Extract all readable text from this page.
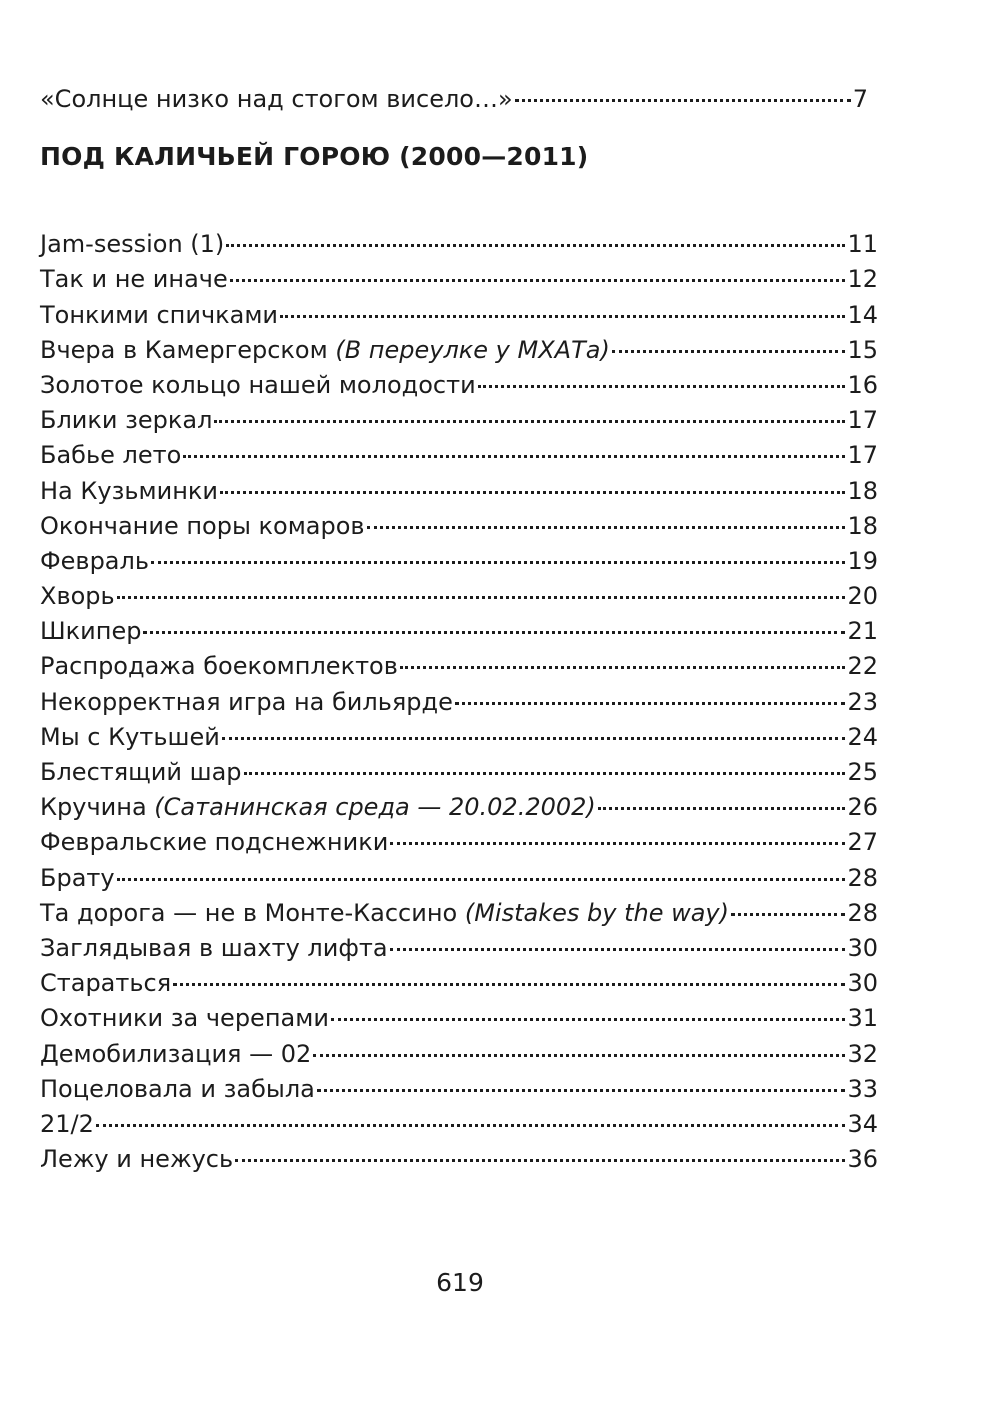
«Солнце низко над стогом висело…»	7
ПОД КАЛИЧЬЕЙ ГОРОЮ (2000—2011)
Jam-session (1)	11
Так и не иначе	12
Тонкими спичками	14
Вчера в Камергерском (В переулке у МХАТа)	15
Золотое кольцо нашей молодости	16
Блики зеркал	17
Бабье лето	17
На Кузьминки	18
Окончание поры комаров	18
Февраль	19
Хворь	20
Шкипер	21
Распродажа боекомплектов	22
Некорректная игра на бильярде	23
Мы с Кутьшей	24
Блестящий шар	25
Кручина (Сатанинская среда — 20.02.2002)	26
Февральские подснежники	27
Брату	28
Та дорога — не в Монте-Кассино (Mistakes by the way)	28
Заглядывая в шахту лифта	30
Стараться	30
Охотники за черепами	31
Демобилизация — 02	32
Поцеловала и забыла	33
21/2	34
Лежу и нежусь	36
619
